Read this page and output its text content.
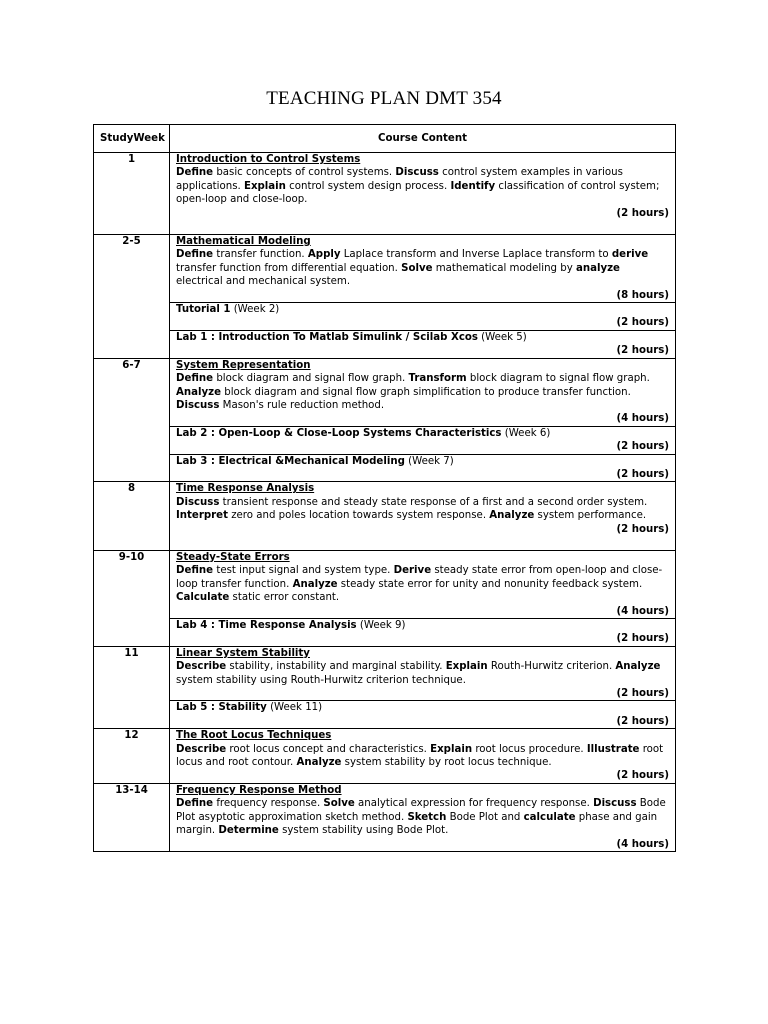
TEACHING PLAN DMT 354
StudyWeek	Course Content
1	Introduction to Control Systems
Define basic concepts of control systems. Discuss control system examples in various applications. Explain control system design process. Identify classification of control system; open-loop and close-loop.
(2 hours)

2-5	Mathematical Modeling
Define transfer function. Apply Laplace transform and Inverse Laplace transform to derive transfer function from differential equation. Solve mathematical modeling by analyze electrical and mechanical system.
(8 hours)

	Tutorial 1 (Week 2)
(2 hours)

	Lab 1 : Introduction To Matlab Simulink / Scilab Xcos (Week 5)
(2 hours)

6-7	System Representation
Define block diagram and signal flow graph. Transform block diagram to signal flow graph. Analyze block diagram and signal flow graph simplification to produce transfer function. Discuss Mason's rule reduction method.
(4 hours)

	Lab 2 : Open-Loop & Close-Loop Systems Characteristics (Week 6)
(2 hours)

	Lab 3 : Electrical &Mechanical Modeling (Week 7)
(2 hours)

8	Time Response Analysis
Discuss transient response and steady state response of a first and a second order system. Interpret zero and poles location towards system response. Analyze system performance.
(2 hours)

9-10	Steady-State Errors
Define test input signal and system type. Derive steady state error from open-loop and close-loop transfer function. Analyze steady state error for unity and nonunity feedback system. Calculate static error constant.
(4 hours)

	Lab 4 : Time Response Analysis (Week 9)
(2 hours)

11	Linear System Stability
Describe stability, instability and marginal stability. Explain Routh-Hurwitz criterion. Analyze system stability using Routh-Hurwitz criterion technique.
(2 hours)

	Lab 5 : Stability (Week 11)
(2 hours)

12	The Root Locus Techniques
Describe root locus concept and characteristics. Explain root locus procedure. Illustrate root locus and root contour. Analyze system stability by root locus technique.
(2 hours)

13-14	Frequency Response Method
Define frequency response. Solve analytical expression for frequency response. Discuss Bode Plot asyptotic approximation sketch method. Sketch Bode Plot and calculate phase and gain margin. Determine system stability using Bode Plot.
(4 hours)
